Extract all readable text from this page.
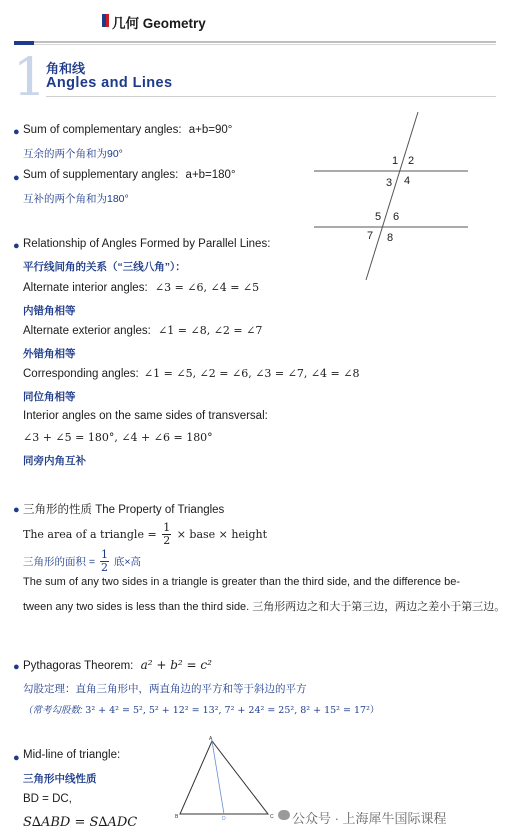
几何 Geometry
1 角和线
Angles and Lines
● Sum of complementary angles: a+b=90°
互余的两个角和为90°
● Sum of supplementary angles: a+b=180°
互补的两个角和为180°
1 2
3 4
5 6
7 8
● Relationship of Angles Formed by Parallel Lines:
平行线间角的关系（“三线八角”）：
Alternate interior angles: ∠3 = ∠6, ∠4 = ∠5
内错角相等
Alternate exterior angles: ∠1 = ∠8, ∠2 = ∠7
外错角相等
Corresponding angles: ∠1 = ∠5, ∠2 = ∠6, ∠3 = ∠7, ∠4 = ∠8
同位角相等
Interior angles on the same sides of transversal:
∠3 + ∠5 = 180°, ∠4 + ∠6 = 180°
同旁内角互补
● 三角形的性质 The Property of Triangles
The area of a triangle = $\frac{1}{2}$ × base × height
三角形的面积 = $\frac{1}{2}$ 底×高
The sum of any two sides in a triangle is greater than the third side, and the difference be-
tween any two sides is less than the third side. 三角形两边之和大于第三边，两边之差小于第三边。
● Pythagoras Theorem: a² + b² = c²
勾股定理：直角三角形中，两直角边的平方和等于斜边的平方
（常考勾股数: 3² + 4² = 5², 5² + 12² = 13², 7² + 24² = 25², 8² + 15² = 17²）
● Mid-line of triangle:
三角形中线性质
BD = DC,
S∆ABD = S∆ADC
A
B	D	C 公众号 · 上海犀牛国际课程
